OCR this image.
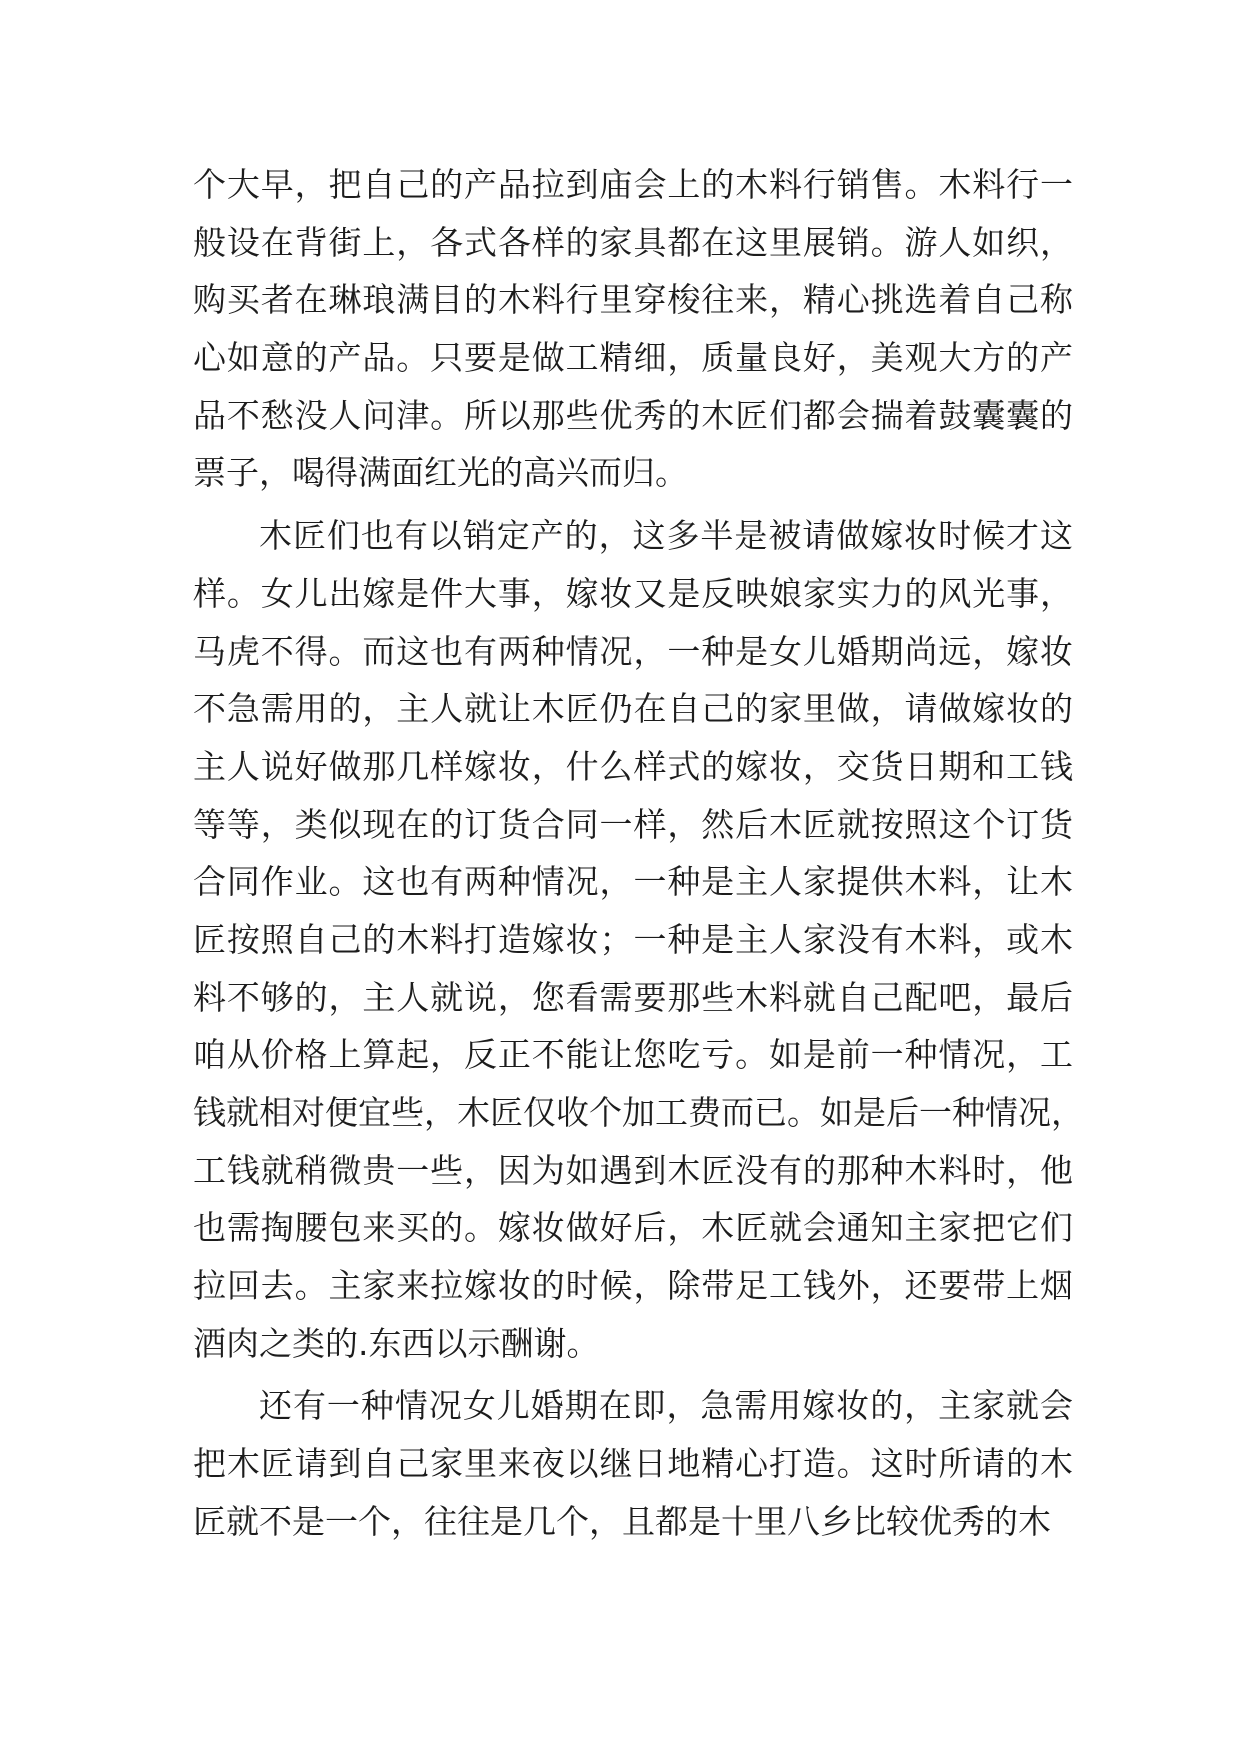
个大早，把自己的产品拉到庙会上的木料行销售。木料行一
般设在背街上，各式各样的家具都在这里展销。游人如织，
购买者在琳琅满目的木料行里穿梭往来，精心挑选着自己称
心如意的产品。只要是做工精细，质量良好，美观大方的产
品不愁没人问津。所以那些优秀的木匠们都会揣着鼓囊囊的
票子，喝得满面红光的高兴而归。
木匠们也有以销定产的，这多半是被请做嫁妆时候才这
样。女儿出嫁是件大事，嫁妆又是反映娘家实力的风光事，
马虎不得。而这也有两种情况，一种是女儿婚期尚远，嫁妆
不急需用的，主人就让木匠仍在自己的家里做，请做嫁妆的
主人说好做那几样嫁妆，什么样式的嫁妆，交货日期和工钱
等等，类似现在的订货合同一样，然后木匠就按照这个订货
合同作业。这也有两种情况，一种是主人家提供木料，让木
匠按照自己的木料打造嫁妆；一种是主人家没有木料，或木
料不够的，主人就说，您看需要那些木料就自己配吧，最后
咱从价格上算起，反正不能让您吃亏。如是前一种情况，工
钱就相对便宜些，木匠仅收个加工费而已。如是后一种情况，
工钱就稍微贵一些，因为如遇到木匠没有的那种木料时，他
也需掏腰包来买的。嫁妆做好后，木匠就会通知主家把它们
拉回去。主家来拉嫁妆的时候，除带足工钱外，还要带上烟
酒肉之类的.东西以示酬谢。
还有一种情况女儿婚期在即，急需用嫁妆的，主家就会
把木匠请到自己家里来夜以继日地精心打造。这时所请的木
匠就不是一个，往往是几个，且都是十里八乡比较优秀的木
